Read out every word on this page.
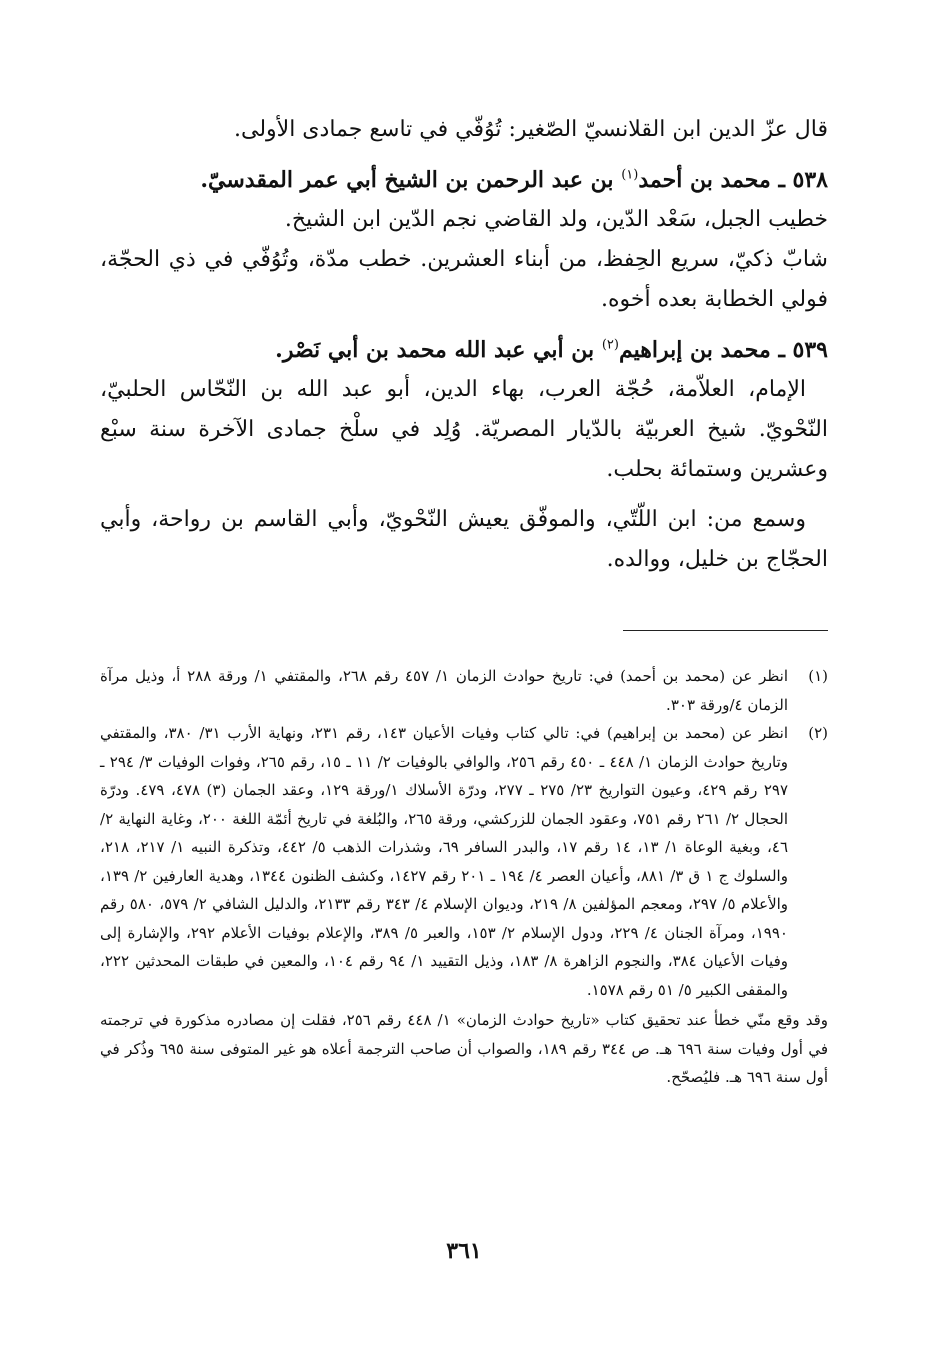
قال عزّ الدين ابن القلانسيّ الصّغير: تُوُفّي في تاسع جمادى الأولى.

٥٣٨ ـ محمد بن أحمد$^{(١)}$ بن عبد الرحمن بن الشيخ أبي عمر المقدسيّ.

خطيب الجبل، سَعْد الدّين، ولد القاضي نجم الدّين ابن الشيخ.

شابّ ذكيّ، سريع الحِفظ، من أبناء العشرين. خطب مدّة، وتُوُفّي في ذي الحجّة، فولي الخطابة بعده أخوه.

٥٣٩ ـ محمد بن إبراهيم$^{(٢)}$ بن أبي عبد الله محمد بن أبي نَصْر.

الإمام، العلاّمة، حُجّة العرب، بهاء الدين، أبو عبد الله بن النّحّاس الحلبيّ، النّحْويّ. شيخ العربيّة بالدّيار المصريّة. وُلِد في سلْخ جمادى الآخرة سنة سبْع وعشرين وستمائة بحلب.

وسمع من: ابن اللّتّي، والموفّق يعيش النّحْويّ، وأبي القاسم بن رواحة، وأبي الحجّاج بن خليل، ووالده.

(١)
انظر عن (محمد بن أحمد) في: تاريخ حوادث الزمان ١/ ٤٥٧ رقم ٢٦٨، والمقتفي ١/ ورقة ٢٨٨ أ، وذيل مرآة الزمان ٤/ورقة ٣٠٣.
(٢)
انظر عن (محمد بن إبراهيم) في: تالي كتاب وفيات الأعيان ١٤٣، رقم ٢٣١، ونهاية الأرب ٣١/ ٣٨٠، والمقتفي وتاريخ حوادث الزمان ١/ ٤٤٨ ـ ٤٥٠ رقم ٢٥٦، والوافي بالوفيات ٢/ ١١ ـ ١٥، رقم ٢٦٥، وفوات الوفيات ٣/ ٢٩٤ ـ ٢٩٧ رقم ٤٢٩، وعيون التواريخ ٢٣/ ٢٧٥ ـ ٢٧٧، ودرّة الأسلاك ١/ورقة ١٢٩، وعقد الجمان (٣) ٤٧٨، ٤٧٩. ودرّة الحجال ٢/ ٢٦١ رقم ٧٥١، وعقود الجمان للزركشي، ورقة ٢٦٥، والبُلغة في تاريخ أئمّة اللغة ٢٠٠، وغاية النهاية ٢/ ٤٦، وبغية الوعاة ١/ ١٣، ١٤ رقم ١٧، والبدر السافر ٦٩، وشذرات الذهب ٥/ ٤٤٢، وتذكرة النبيه ١/ ٢١٧، ٢١٨، والسلوك ج ١ ق ٣/ ٨٨١، وأعيان العصر ٤/ ١٩٤ ـ ٢٠١ رقم ١٤٢٧، وكشف الظنون ١٣٤٤، وهدية العارفين ٢/ ١٣٩، والأعلام ٥/ ٢٩٧، ومعجم المؤلفين ٨/ ٢١٩، وديوان الإسلام ٤/ ٣٤٣ رقم ٢١٣٣، والدليل الشافي ٢/ ٥٧٩، ٥٨٠ رقم ١٩٩٠، ومرآة الجنان ٤/ ٢٢٩، ودول الإسلام ٢/ ١٥٣، والعبر ٥/ ٣٨٩، والإعلام بوفيات الأعلام ٢٩٢، والإشارة إلى وفيات الأعيان ٣٨٤، والنجوم الزاهرة ٨/ ١٨٣، وذيل التقييد ١/ ٩٤ رقم ١٠٤، والمعين في طبقات المحدثين ٢٢٢، والمقفى الكبير ٥/ ٥١ رقم ١٥٧٨.
وقد وقع منّي خطأ عند تحقيق كتاب «تاريخ حوادث الزمان» ١/ ٤٤٨ رقم ٢٥٦، فقلت إن مصادره مذكورة في ترجمته في أول وفيات سنة ٦٩٦ هـ. ص ٣٤٤ رقم ١٨٩، والصواب أن صاحب الترجمة أعلاه هو غير المتوفى سنة ٦٩٥ وذُكر في أول سنة ٦٩٦ هـ. فليُصحّح.
٣٦١
